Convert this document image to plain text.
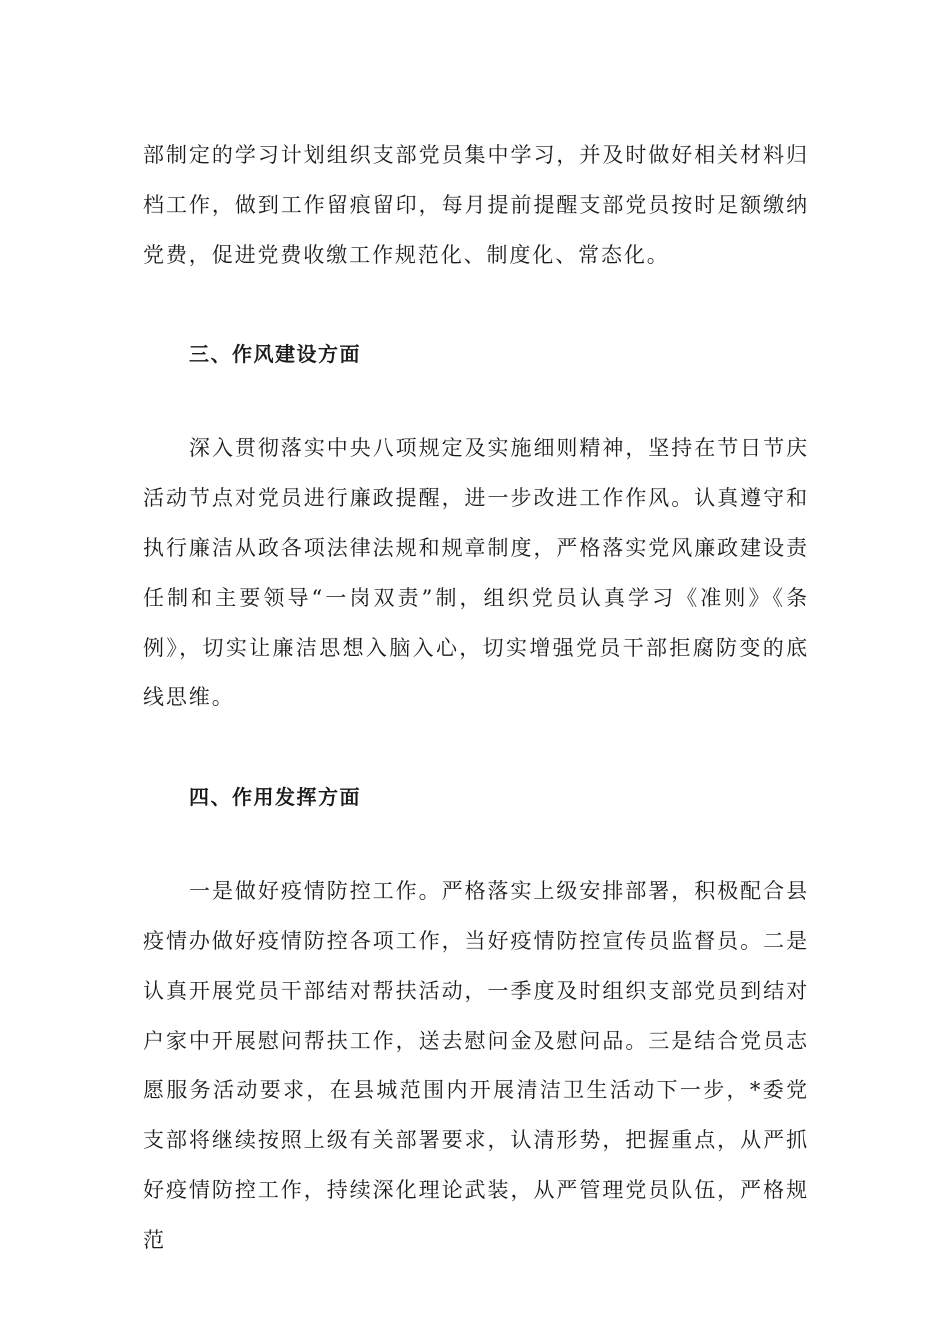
部制定的学习计划组织支部党员集中学习，并及时做好相关材料归档工作，做到工作留痕留印，每月提前提醒支部党员按时足额缴纳党费，促进党费收缴工作规范化、制度化、常态化。

三、作风建设方面

深入贯彻落实中央八项规定及实施细则精神，坚持在节日节庆活动节点对党员进行廉政提醒，进一步改进工作作风。认真遵守和执行廉洁从政各项法律法规和规章制度，严格落实党风廉政建设责任制和主要领导“一岗双责”制，组织党员认真学习《准则》《条例》，切实让廉洁思想入脑入心，切实增强党员干部拒腐防变的底线思维。

四、作用发挥方面

一是做好疫情防控工作。严格落实上级安排部署，积极配合县疫情办做好疫情防控各项工作，当好疫情防控宣传员监督员。二是认真开展党员干部结对帮扶活动，一季度及时组织支部党员到结对户家中开展慰问帮扶工作，送去慰问金及慰问品。三是结合党员志愿服务活动要求，在县城范围内开展清洁卫生活动下一步，*委党支部将继续按照上级有关部署要求，认清形势，把握重点，从严抓好疫情防控工作，持续深化理论武装，从严管理党员队伍，严格规范
